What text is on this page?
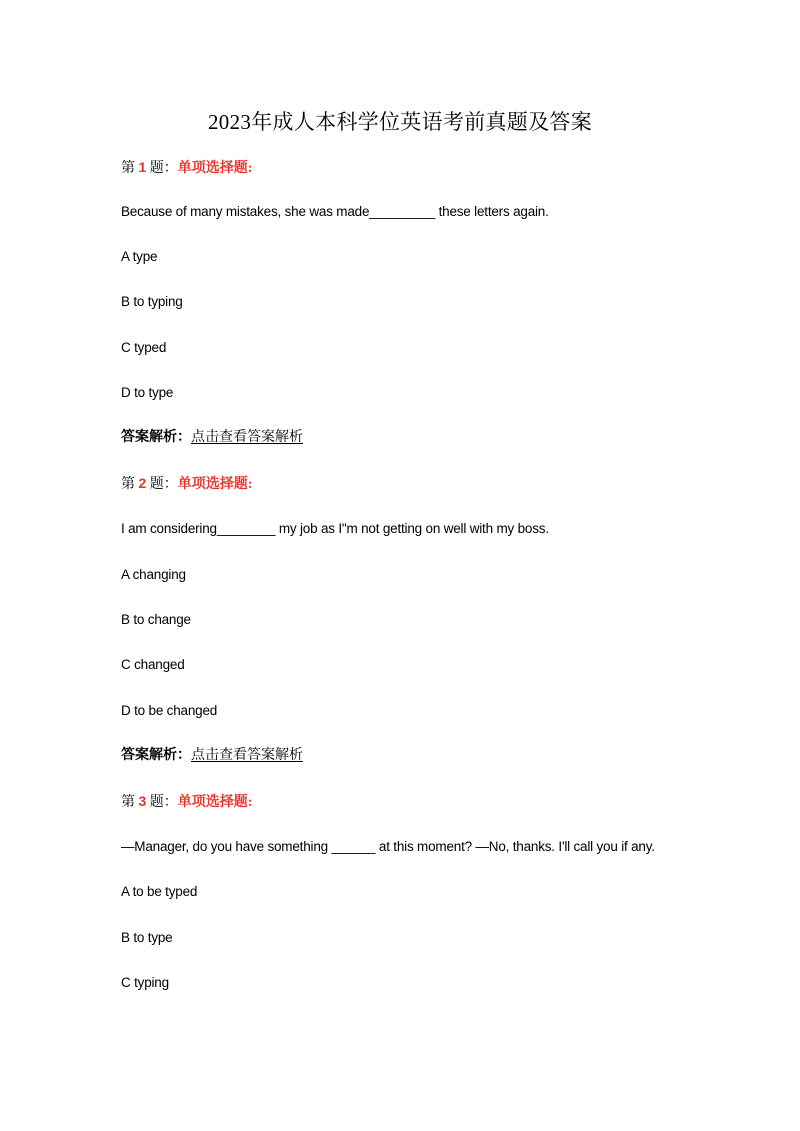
2023年成人本科学位英语考前真题及答案
第 1 题：单项选择题:
Because of many mistakes, she was made_________ these letters again.
A type
B to typing
C typed
D to type
答案解析：点击查看答案解析
第 2 题：单项选择题:
I am considering________ my job as I"m not getting on well with my boss.
A changing
B to change
C changed
D to be changed
答案解析：点击查看答案解析
第 3 题：单项选择题:
—Manager, do you have something ______ at this moment? —No, thanks. I'll call you if any.
A to be typed
B to type
C typing
